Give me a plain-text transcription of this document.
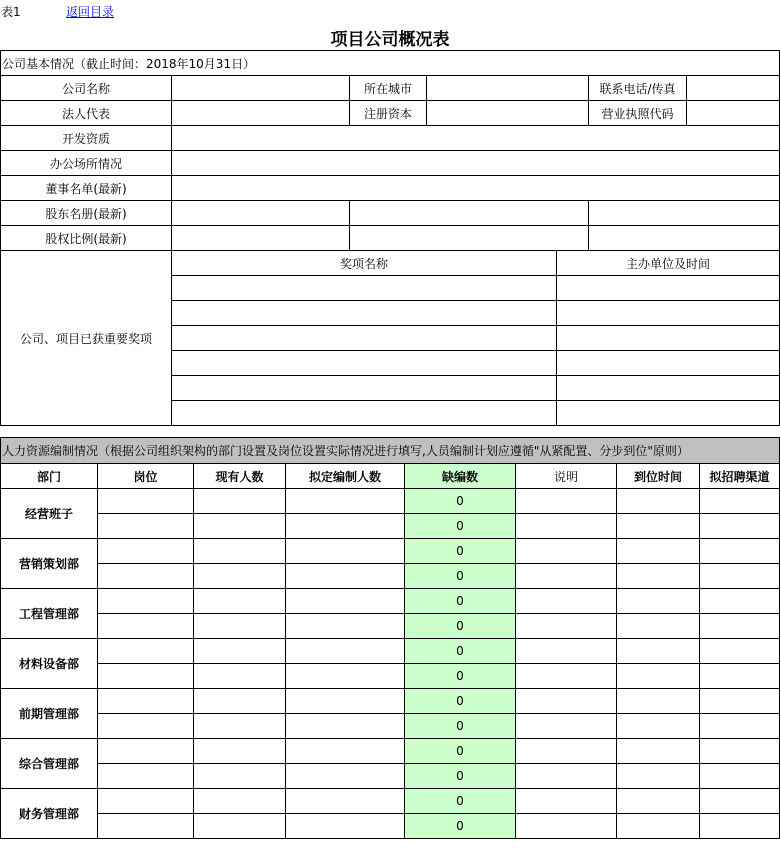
表1	返回目录
项目公司概况表
公司基本情况（截止时间：2018年10月31日）						
公司名称		所在城市			联系电话/传真	
法人代表		注册资本			营业执照代码	
开发资质						
办公场所情况						
董事名单(最新)						
股东名册(最新)						
股权比例(最新)						
公司、项目已获重要奖项	奖项名称			主办单位及时间		

人力资源编制情况（根据公司组织架构的部门设置及岗位设置实际情况进行填写,人员编制计划应遵循"从紧配置、分步到位"原则）							
部门	岗位	现有人数	拟定编制人数	缺编数	说明	到位时间	拟招聘渠道
经营班子				0			
				0			
营销策划部				0			
				0			
工程管理部				0			
				0			
材料设备部				0			
				0			
前期管理部				0			
				0			
综合管理部				0			
				0			
财务管理部				0			
				0			
